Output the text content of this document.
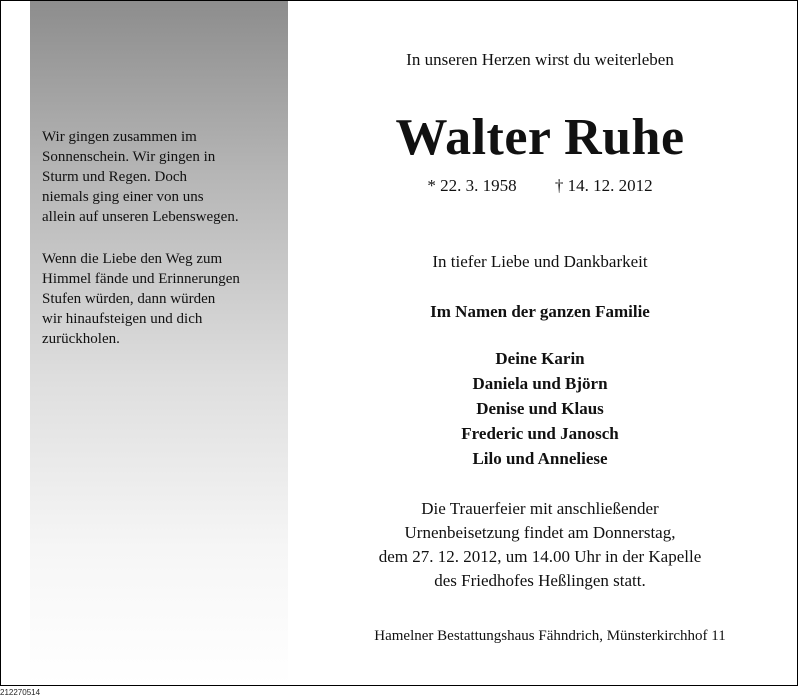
Wir gingen zusammen im
Sonnenschein. Wir gingen in
Sturm und Regen. Doch
niemals ging einer von uns
allein auf unseren Lebenswegen.
Wenn die Liebe den Weg zum
Himmel fände und Erinnerungen
Stufen würden, dann würden
wir hinaufsteigen und dich
zurückholen.
In unseren Herzen wirst du weiterleben
Walter Ruhe
* 22. 3. 1958 † 14. 12. 2012
In tiefer Liebe und Dankbarkeit
Im Namen der ganzen Familie
Deine Karin
Daniela und Björn
Denise und Klaus
Frederic und Janosch
Lilo und Anneliese
Die Trauerfeier mit anschließender
Urnenbeisetzung findet am Donnerstag,
dem 27. 12. 2012, um 14.00 Uhr in der Kapelle
des Friedhofes Heßlingen statt.
Hamelner Bestattungshaus Fähndrich, Münsterkirchhof 11
212270514
